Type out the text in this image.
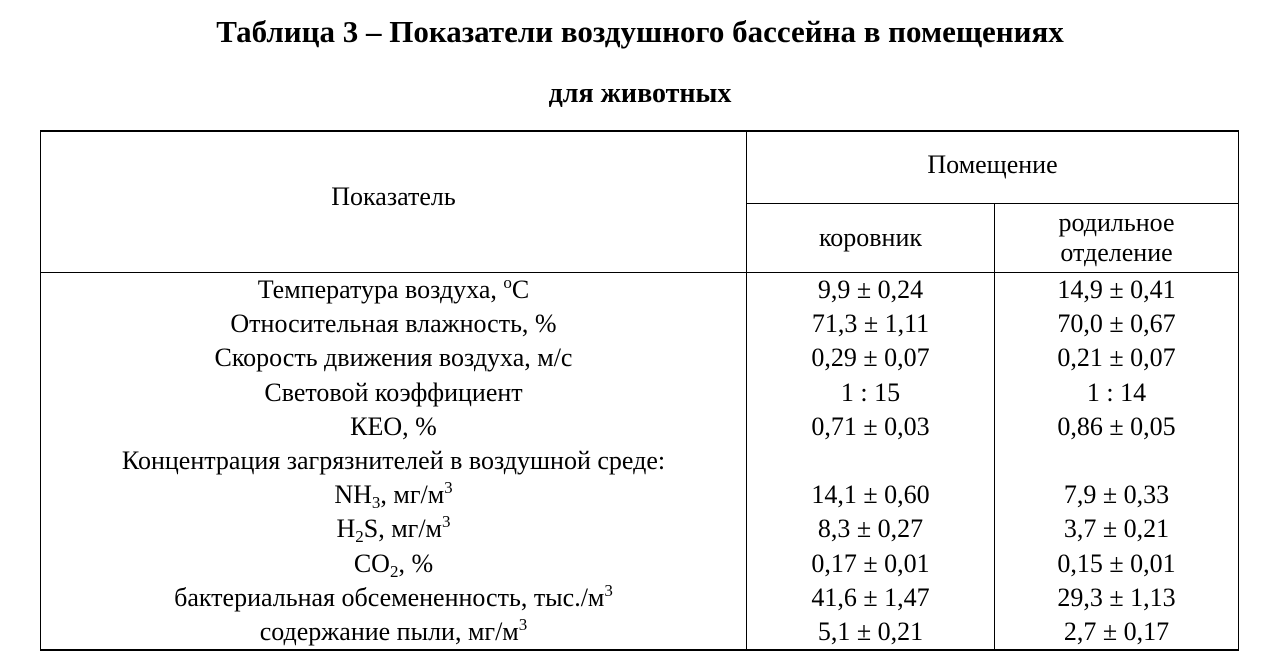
Таблица 3 – Показатели воздушного бассейна в помещениях
для животных
Показатель	Помещение	
	коровник	родильное
отделение

Температура воздуха, $^о$С	9,9 ± 0,24	14,9 ± 0,41
Относительная влажность, %	71,3 ± 1,11	70,0 ± 0,67
Скорость движения воздуха, м/с	0,29 ± 0,07	0,21 ± 0,07
Световой коэффициент	1 : 15	1 : 14
КЕО, %	0,71 ± 0,03	0,86 ± 0,05
Концентрация загрязнителей в воздушной среде:		
$NH_3$, $мг/м^3$	14,1 ± 0,60	7,9 ± 0,33
$H_2S$, $мг/м^3$	8,3 ± 0,27	3,7 ± 0,21
$CO_2$, %	0,17 ± 0,01	0,15 ± 0,01
бактериальная обсемененность, $тыс./м^3$	41,6 ± 1,47	29,3 ± 1,13
содержание пыли, $мг/м^3$	5,1 ± 0,21	2,7 ± 0,17
